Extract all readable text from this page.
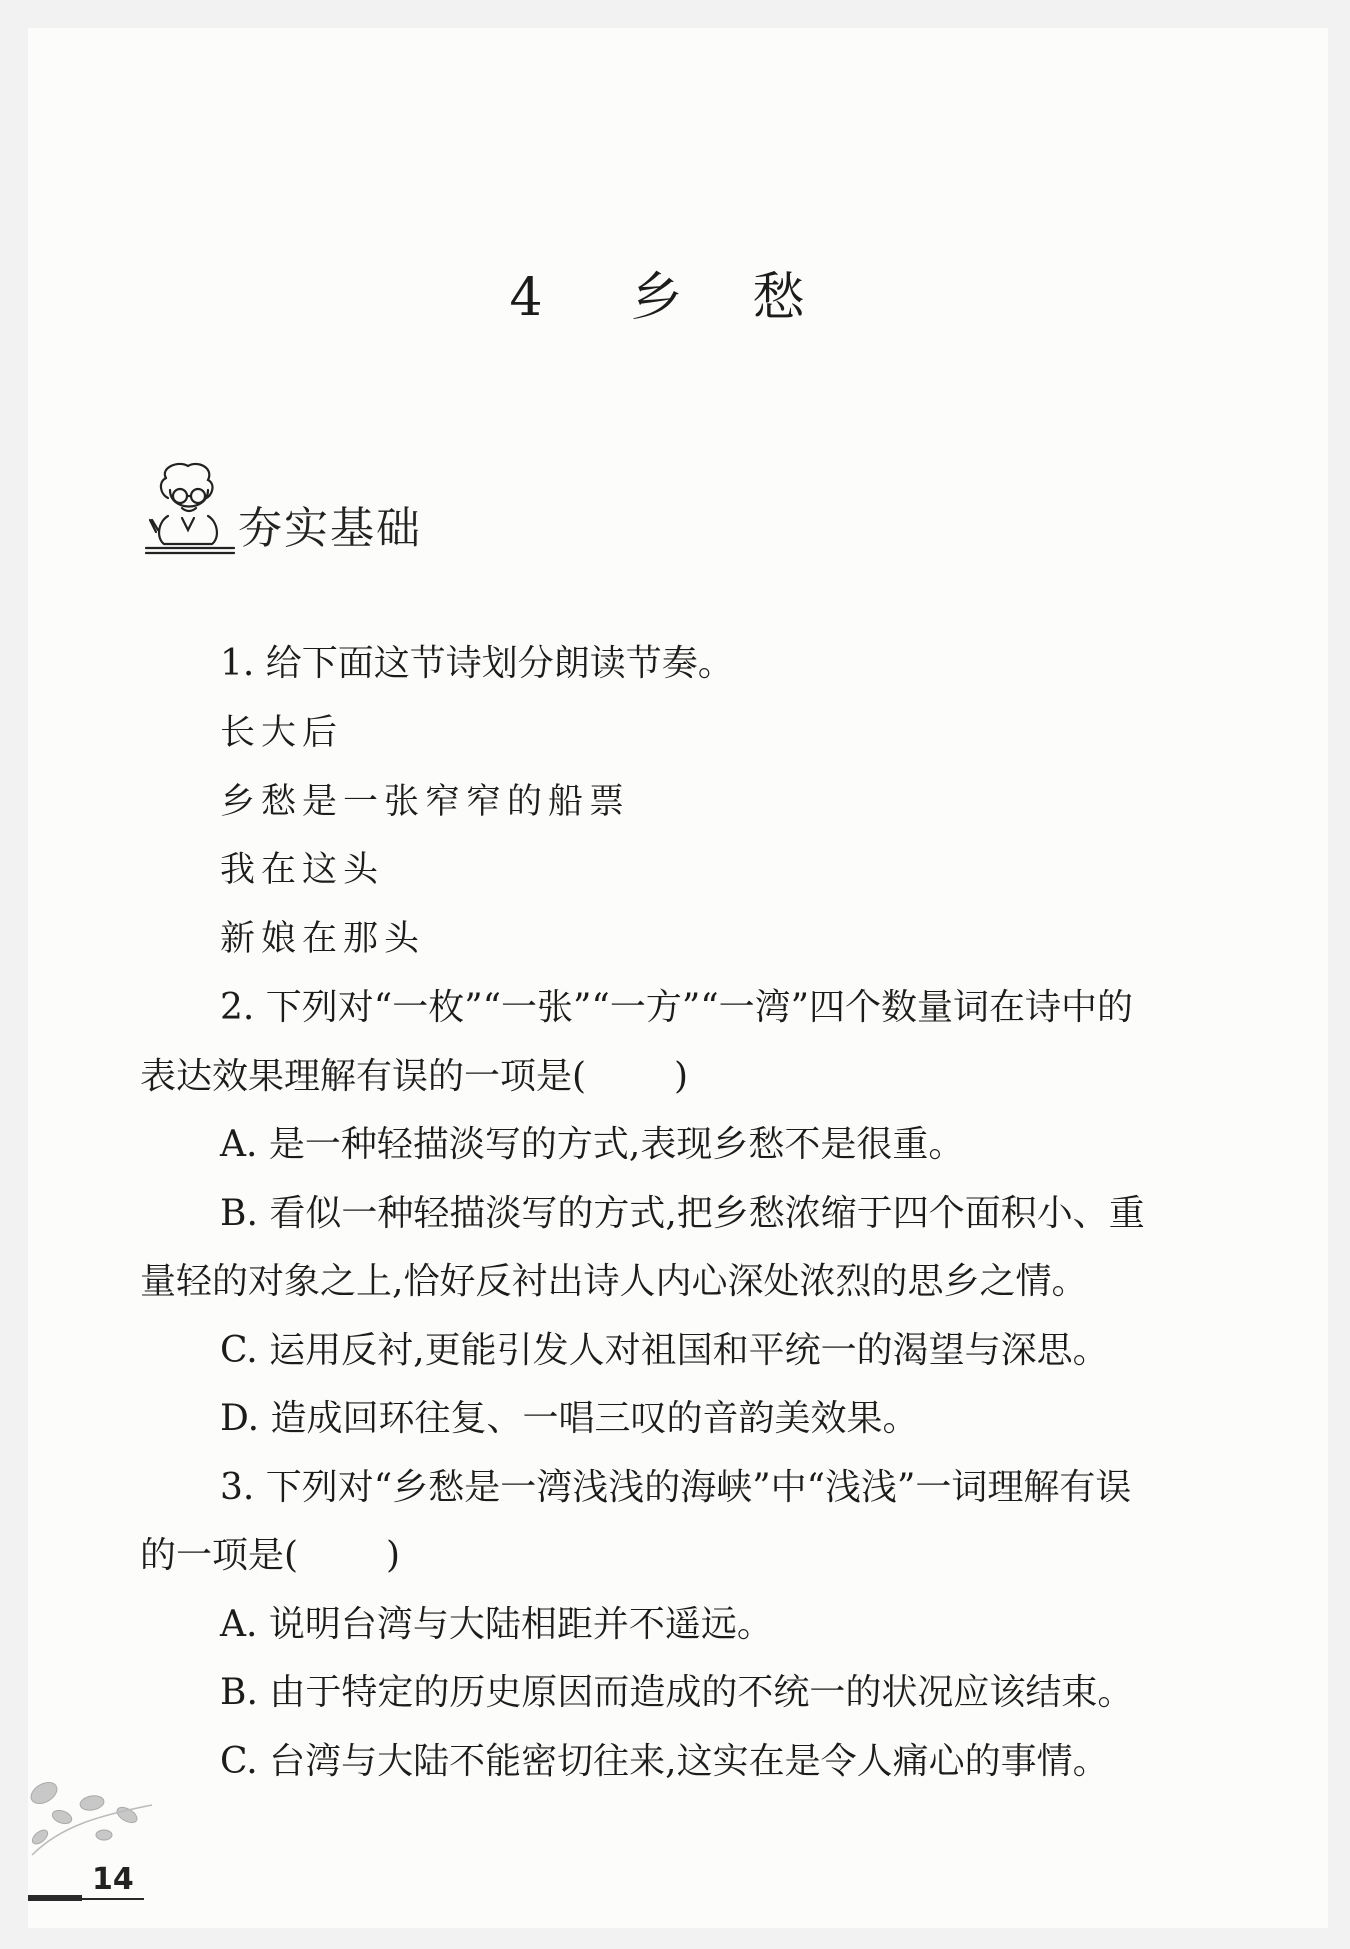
4 乡 愁
夯实基础
1. 给下面这节诗划分朗读节奏。
长大后
乡愁是一张窄窄的船票
我在这头
新娘在那头
2. 下列对“一枚”“一张”“一方”“一湾”四个数量词在诗中的
表达效果理解有误的一项是( )
A. 是一种轻描淡写的方式,表现乡愁不是很重。
B. 看似一种轻描淡写的方式,把乡愁浓缩于四个面积小、重
量轻的对象之上,恰好反衬出诗人内心深处浓烈的思乡之情。
C. 运用反衬,更能引发人对祖国和平统一的渴望与深思。
D. 造成回环往复、一唱三叹的音韵美效果。
3. 下列对“乡愁是一湾浅浅的海峡”中“浅浅”一词理解有误
的一项是( )
A. 说明台湾与大陆相距并不遥远。
B. 由于特定的历史原因而造成的不统一的状况应该结束。
C. 台湾与大陆不能密切往来,这实在是令人痛心的事情。
14
